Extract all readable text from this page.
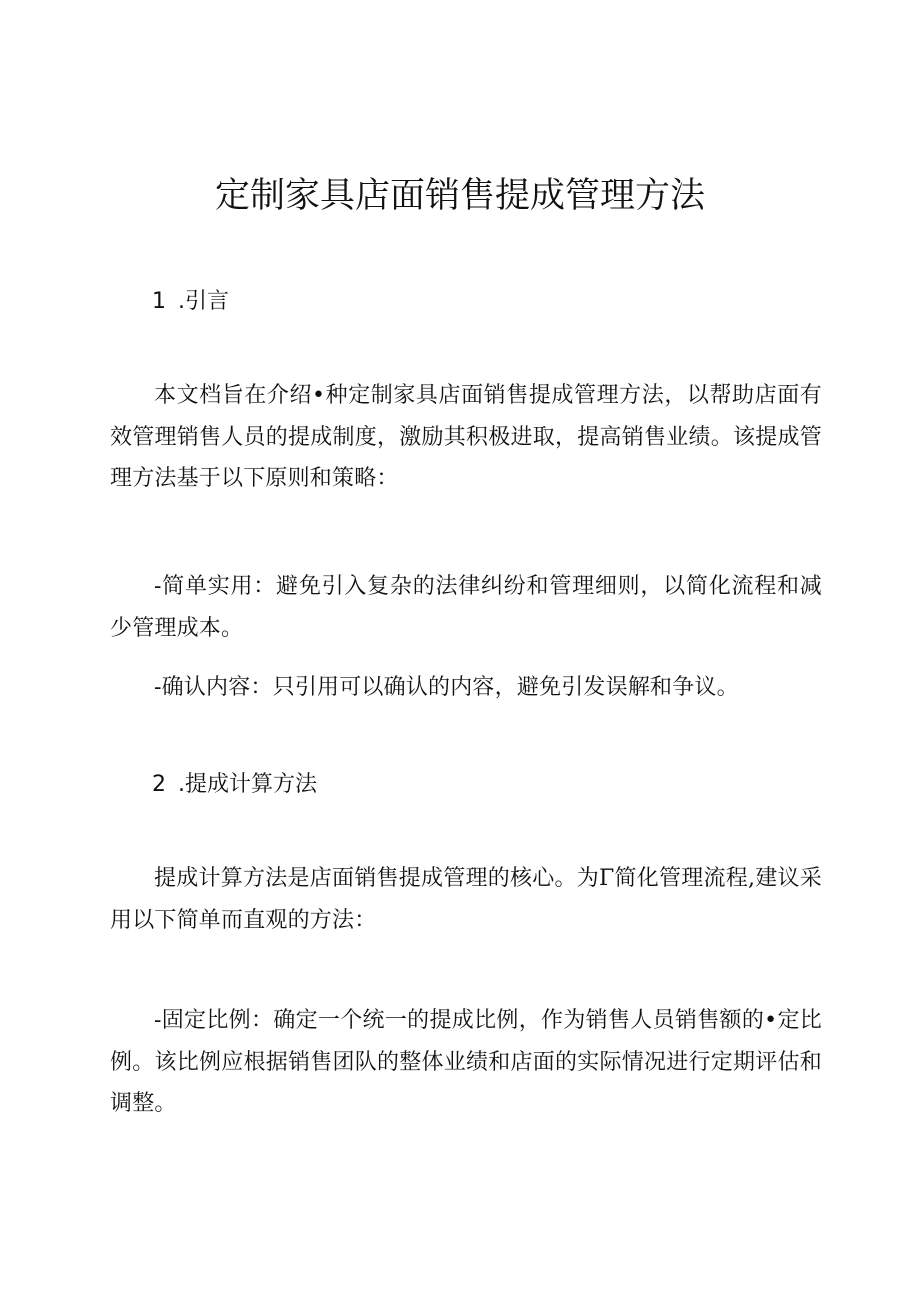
定制家具店面销售提成管理方法
1 .引言

本文档旨在介绍•种定制家具店面销售提成管理方法，以帮助店面有效管理销售人员的提成制度，激励其积极进取，提高销售业绩。该提成管理方法基于以下原则和策略：

-简单实用：避免引入复杂的法律纠纷和管理细则，以简化流程和减少管理成本。

-确认内容：只引用可以确认的内容，避免引发误解和争议。

2 .提成计算方法

提成计算方法是店面销售提成管理的核心。为Γ简化管理流程,建议采用以下简单而直观的方法：

-固定比例：确定一个统一的提成比例，作为销售人员销售额的•定比例。该比例应根据销售团队的整体业绩和店面的实际情况进行定期评估和调整。
